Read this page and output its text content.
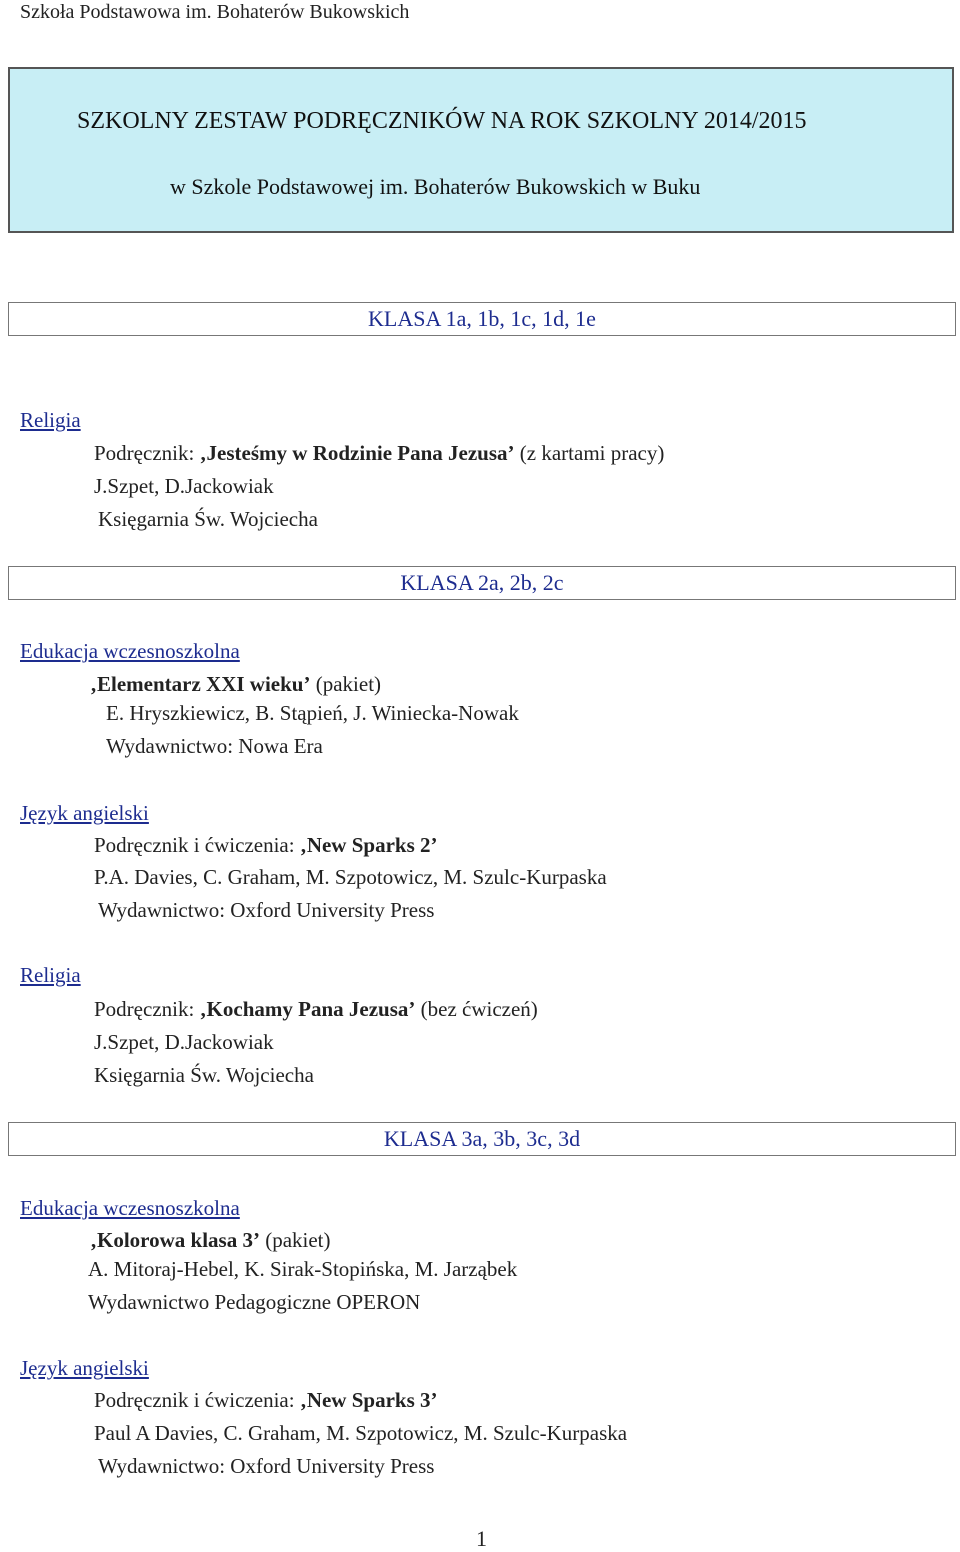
Szkoła Podstawowa im. Bohaterów Bukowskich
SZKOLNY ZESTAW PODRĘCZNIKÓW NA ROK SZKOLNY 2014/2015
w Szkole Podstawowej im. Bohaterów Bukowskich w Buku
KLASA 1a, 1b, 1c, 1d, 1e
Religia
Podręcznik: ‚Jesteśmy w Rodzinie Pana Jezusa’ (z kartami pracy)
J.Szpet, D.Jackowiak
Księgarnia Św. Wojciecha
KLASA 2a, 2b, 2c
Edukacja wczesnoszkolna
‚Elementarz XXI wieku’ (pakiet)
E. Hryszkiewicz, B. Stąpień, J. Winiecka-Nowak
Wydawnictwo: Nowa Era
Język angielski
Podręcznik i ćwiczenia: ‚New Sparks 2’
P.A. Davies, C. Graham, M. Szpotowicz, M. Szulc-Kurpaska
Wydawnictwo: Oxford University Press
Religia
Podręcznik: ‚Kochamy Pana Jezusa’ (bez ćwiczeń)
J.Szpet, D.Jackowiak
Księgarnia Św. Wojciecha
KLASA 3a, 3b, 3c, 3d
Edukacja wczesnoszkolna
‚Kolorowa klasa 3’ (pakiet)
A. Mitoraj-Hebel, K. Sirak-Stopińska, M. Jarząbek
Wydawnictwo Pedagogiczne OPERON
Język angielski
Podręcznik i ćwiczenia: ‚New Sparks 3’
Paul A Davies, C. Graham, M. Szpotowicz, M. Szulc-Kurpaska
Wydawnictwo: Oxford University Press
1
